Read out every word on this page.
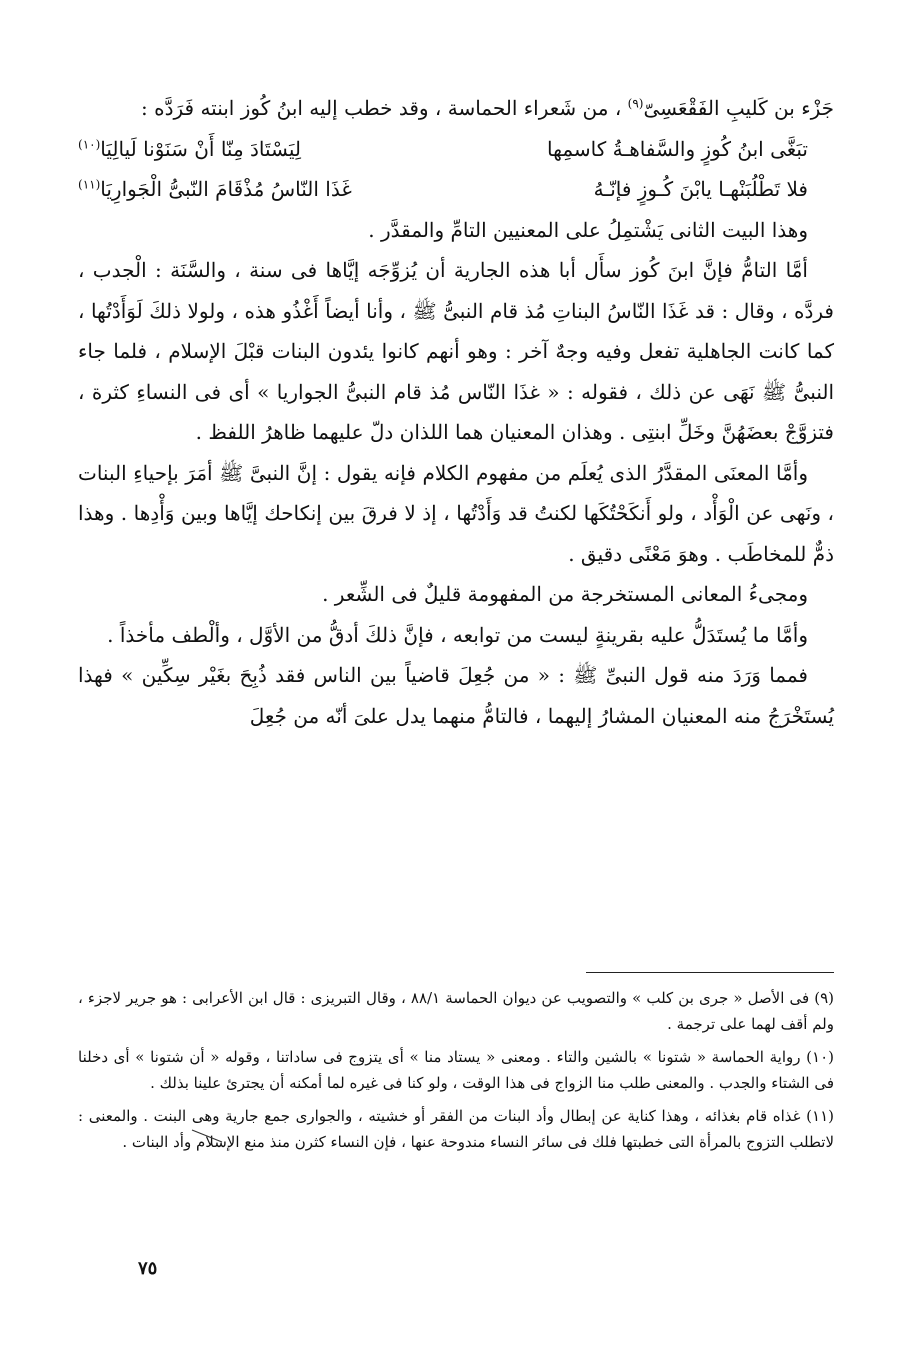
جَزْء بن كَليبِ الفَقْعَسِىّ$^{(٩)}$ ، من شَعراء الحماسة ، وقد خطب إليه ابنُ كُوز ابنته فَرَدَّه :

تبَغَّى ابنُ كُوزٍ والسَّفاهـةُ كاسمِها
لِيَسْتَادَ مِنّا أَنْ سَنَوْنا لَيالِيَا$^{(١٠)}$
فلا تَطْلُبَنْهـا يابْنَ كُـوزٍ فإنّـهُ
غَذَا النّاسُ مُذْقَامَ النّبىُّ الْجَوارِيَا$^{(١١)}$

وهذا البيت الثانى يَشْتمِلُ على المعنيين التامِّ والمقدَّر .

أمَّا التامُّ فإنَّ ابنَ كُوز سأَل أبا هذه الجارية أن يُزوِّجَه إيَّاها فى سنة ، والسَّنَة : الْجدب ، فردَّه ، وقال : قد غَذَا النّاسُ البناتِ مُذ قام النبىُّ ﷺ ، وأنا أيضاً أَغْذُو هذه ، ولولا ذلكَ لَوَأَدْتُها ، كما كانت الجاهلية تفعل وفيه وجهٌ آخر : وهو أنهم كانوا يئدون البنات قبْلَ الإسلام ، فلما جاء النبىُّ ﷺ نَهَى عن ذلك ، فقوله : « غذَا النّاس مُذ قام النبىُّ الجواريا » أى فى النساءِ كثرة ، فتزوَّجْ بعضَهُنَّ وخَلِّ ابنتِى . وهذان المعنيان هما اللذان دلّ عليهما ظاهرُ اللفظ .

وأمَّا المعنَى المقدَّرُ الذى يُعلَم من مفهوم الكلام فإنه يقول : إنَّ النبىَّ ﷺ أمَرَ بإحياءِ البنات ، ونَهى عن الْوَأْد ، ولو أَنكَحْتُكَها لكنتُ قد وَأَدْتُها ، إذ لا فرقَ بين إنكاحك إيَّاها وبين وَأْدِها . وهذا ذمٌّ للمخاطَب . وهوَ مَعْنًى دقيق .

ومجىءُ المعانى المستخرجة من المفهومة قليلٌ فى الشِّعر .

وأمَّا ما يُستَدَلُّ عليه بقرينةٍ ليست من توابعه ، فإنَّ ذلكَ أدقُّ من الأوَّل ، وألْطف مأخذاً .

فمما وَرَدَ منه قول النبىِّ ﷺ : « من جُعِلَ قاضياً بين الناس فقد ذُبِحَ بغَيْر سِكِّين » فهذا يُستَخْرَجُ منه المعنيان المشارُ إليهما ، فالتامُّ منهما يدل علىَ أنّه من جُعِلَ

(٩) فى الأصل « جرى بن كلب » والتصويب عن ديوان الحماسة ٨٨/١ ، وقال التبريزى : قال ابن الأعرابى : هو جرير لاجزء ، ولم أقف لهما على ترجمة .

(١٠) رواية الحماسة « شتونا » بالشين والتاء . ومعنى « يستاد منا » أى يتزوج فى ساداتنا ، وقوله « أن شتونا » أى دخلنا فى الشتاء والجدب . والمعنى طلب منا الزواج فى هذا الوقت ، ولو كنا فى غيره لما أمكنه أن يجترئ علينا بذلك .

(١١) غذاه قام بغذائه ، وهذا كناية عن إبطال وأد البنات من الفقر أو خشيته ، والجوارى جمع جارية وهى البنت . والمعنى : لاتطلب التزوج بالمرأة التى خطبتها فلك فى سائر النساء مندوحة عنها ، فإن النساء كثرن منذ منع الإسلام وأد البنات .

٧٥
